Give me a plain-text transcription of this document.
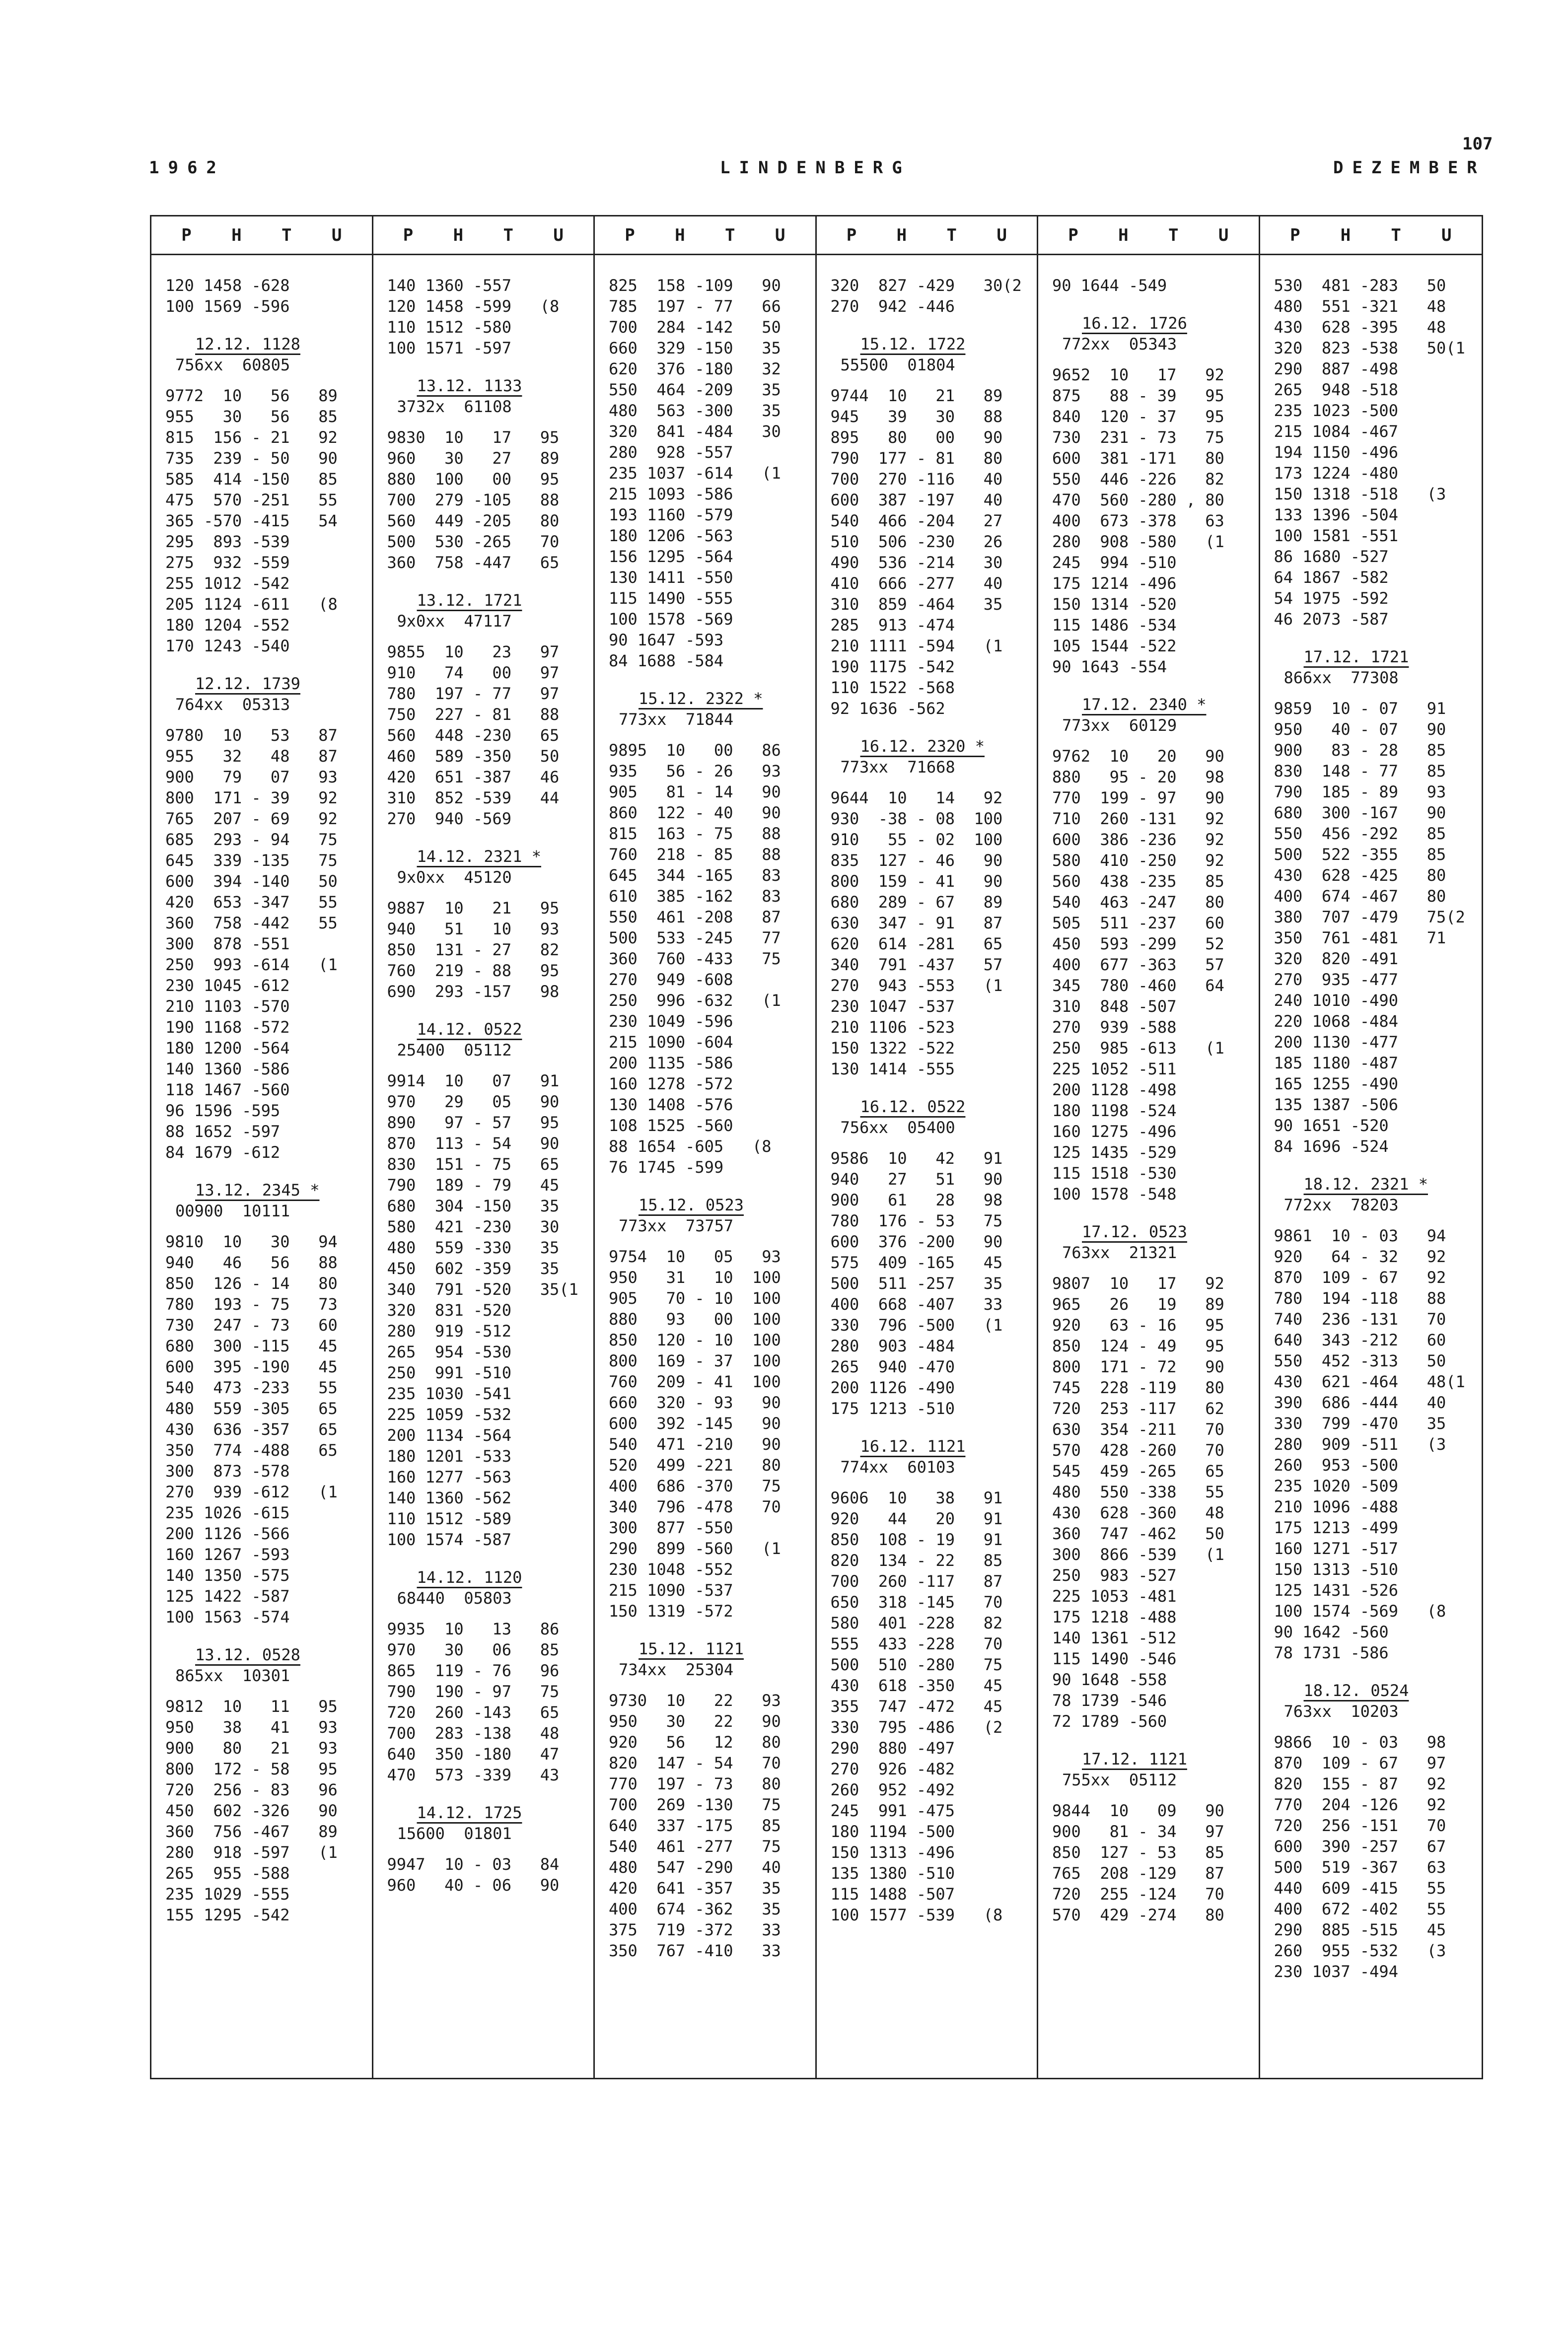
1962	LINDENBERG	DEZEMBER
107
P H T U
120 1458 -628
100 1569 -596
12.12. 1128
756xx  60805
9772  10   56   89
955   30   56   85
815  156 - 21   92
735  239 - 50   90
585  414 -150   85
475  570 -251   55
365 -570 -415   54
295  893 -539
275  932 -559
255 1012 -542
205 1124 -611   (8
180 1204 -552
170 1243 -540
12.12. 1739
764xx  05313
9780  10   53   87
955   32   48   87
900   79   07   93
800  171 - 39   92
765  207 - 69   92
685  293 - 94   75
645  339 -135   75
600  394 -140   50
420  653 -347   55
360  758 -442   55
300  878 -551
250  993 -614   (1
230 1045 -612
210 1103 -570
190 1168 -572
180 1200 -564
140 1360 -586
118 1467 -560
96 1596 -595
88 1652 -597
84 1679 -612
13.12. 2345 *
00900  10111
9810  10   30   94
940   46   56   88
850  126 - 14   80
780  193 - 75   73
730  247 - 73   60
680  300 -115   45
600  395 -190   45
540  473 -233   55
480  559 -305   65
430  636 -357   65
350  774 -488   65
300  873 -578
270  939 -612   (1
235 1026 -615
200 1126 -566
160 1267 -593
140 1350 -575
125 1422 -587
100 1563 -574
13.12. 0528
865xx  10301
9812  10   11   95
950   38   41   93
900   80   21   93
800  172 - 58   95
720  256 - 83   96
450  602 -326   90
360  756 -467   89
280  918 -597   (1
265  955 -588
235 1029 -555
155 1295 -542
P H T U
140 1360 -557
120 1458 -599   (8
110 1512 -580
100 1571 -597
13.12. 1133
3732x  61108
9830  10   17   95
960   30   27   89
880  100   00   95
700  279 -105   88
560  449 -205   80
500  530 -265   70
360  758 -447   65
13.12. 1721
9x0xx  47117
9855  10   23   97
910   74   00   97
780  197 - 77   97
750  227 - 81   88
560  448 -230   65
460  589 -350   50
420  651 -387   46
310  852 -539   44
270  940 -569
14.12. 2321 *
9x0xx  45120
9887  10   21   95
940   51   10   93
850  131 - 27   82
760  219 - 88   95
690  293 -157   98
14.12. 0522
25400  05112
9914  10   07   91
970   29   05   90
890   97 - 57   95
870  113 - 54   90
830  151 - 75   65
790  189 - 79   45
680  304 -150   35
580  421 -230   30
480  559 -330   35
450  602 -359   35
340  791 -520   35(1
320  831 -520
280  919 -512
265  954 -530
250  991 -510
235 1030 -541
225 1059 -532
200 1134 -564
180 1201 -533
160 1277 -563
140 1360 -562
110 1512 -589
100 1574 -587
14.12. 1120
68440  05803
9935  10   13   86
970   30   06   85
865  119 - 76   96
790  190 - 97   75
720  260 -143   65
700  283 -138   48
640  350 -180   47
470  573 -339   43
14.12. 1725
15600  01801
9947  10 - 03   84
960   40 - 06   90
P H T U
825  158 -109   90
785  197 - 77   66
700  284 -142   50
660  329 -150   35
620  376 -180   32
550  464 -209   35
480  563 -300   35
320  841 -484   30
280  928 -557
235 1037 -614   (1
215 1093 -586
193 1160 -579
180 1206 -563
156 1295 -564
130 1411 -550
115 1490 -555
100 1578 -569
90 1647 -593
84 1688 -584
15.12. 2322 *
773xx  71844
9895  10   00   86
935   56 - 26   93
905   81 - 14   90
860  122 - 40   90
815  163 - 75   88
760  218 - 85   88
645  344 -165   83
610  385 -162   83
550  461 -208   87
500  533 -245   77
360  760 -433   75
270  949 -608
250  996 -632   (1
230 1049 -596
215 1090 -604
200 1135 -586
160 1278 -572
130 1408 -576
108 1525 -560
88 1654 -605   (8
76 1745 -599
15.12. 0523
773xx  73757
9754  10   05   93
950   31   10  100
905   70 - 10  100
880   93   00  100
850  120 - 10  100
800  169 - 37  100
760  209 - 41  100
660  320 - 93   90
600  392 -145   90
540  471 -210   90
520  499 -221   80
400  686 -370   75
340  796 -478   70
300  877 -550
290  899 -560   (1
230 1048 -552
215 1090 -537
150 1319 -572
15.12. 1121
734xx  25304
9730  10   22   93
950   30   22   90
920   56   12   80
820  147 - 54   70
770  197 - 73   80
700  269 -130   75
640  337 -175   85
540  461 -277   75
480  547 -290   40
420  641 -357   35
400  674 -362   35
375  719 -372   33
350  767 -410   33
P H T U
320  827 -429   30(2
270  942 -446
15.12. 1722
55500  01804
9744  10   21   89
945   39   30   88
895   80   00   90
790  177 - 81   80
700  270 -116   40
600  387 -197   40
540  466 -204   27
510  506 -230   26
490  536 -214   30
410  666 -277   40
310  859 -464   35
285  913 -474
210 1111 -594   (1
190 1175 -542
110 1522 -568
92 1636 -562
16.12. 2320 *
773xx  71668
9644  10   14   92
930  -38 - 08  100
910   55 - 02  100
835  127 - 46   90
800  159 - 41   90
680  289 - 67   89
630  347 - 91   87
620  614 -281   65
340  791 -437   57
270  943 -553   (1
230 1047 -537
210 1106 -523
150 1322 -522
130 1414 -555
16.12. 0522
756xx  05400
9586  10   42   91
940   27   51   90
900   61   28   98
780  176 - 53   75
600  376 -200   90
575  409 -165   45
500  511 -257   35
400  668 -407   33
330  796 -500   (1
280  903 -484
265  940 -470
200 1126 -490
175 1213 -510
16.12. 1121
774xx  60103
9606  10   38   91
920   44   20   91
850  108 - 19   91
820  134 - 22   85
700  260 -117   87
650  318 -145   70
580  401 -228   82
555  433 -228   70
500  510 -280   75
430  618 -350   45
355  747 -472   45
330  795 -486   (2
290  880 -497
270  926 -482
260  952 -492
245  991 -475
180 1194 -500
150 1313 -496
135 1380 -510
115 1488 -507
100 1577 -539   (8
P H T U
90 1644 -549
16.12. 1726
772xx  05343
9652  10   17   92
875   88 - 39   95
840  120 - 37   95
730  231 - 73   75
600  381 -171   80
550  446 -226   82
470  560 -280 , 80
400  673 -378   63
280  908 -580   (1
245  994 -510
175 1214 -496
150 1314 -520
115 1486 -534
105 1544 -522
90 1643 -554
17.12. 2340 *
773xx  60129
9762  10   20   90
880   95 - 20   98
770  199 - 97   90
710  260 -131   92
600  386 -236   92
580  410 -250   92
560  438 -235   85
540  463 -247   80
505  511 -237   60
450  593 -299   52
400  677 -363   57
345  780 -460   64
310  848 -507
270  939 -588
250  985 -613   (1
225 1052 -511
200 1128 -498
180 1198 -524
160 1275 -496
125 1435 -529
115 1518 -530
100 1578 -548
17.12. 0523
763xx  21321
9807  10   17   92
965   26   19   89
920   63 - 16   95
850  124 - 49   95
800  171 - 72   90
745  228 -119   80
720  253 -117   62
630  354 -211   70
570  428 -260   70
545  459 -265   65
480  550 -338   55
430  628 -360   48
360  747 -462   50
300  866 -539   (1
250  983 -527
225 1053 -481
175 1218 -488
140 1361 -512
115 1490 -546
90 1648 -558
78 1739 -546
72 1789 -560
17.12. 1121
755xx  05112
9844  10   09   90
900   81 - 34   97
850  127 - 53   85
765  208 -129   87
720  255 -124   70
570  429 -274   80
P H T U
530  481 -283   50
480  551 -321   48
430  628 -395   48
320  823 -538   50(1
290  887 -498
265  948 -518
235 1023 -500
215 1084 -467
194 1150 -496
173 1224 -480
150 1318 -518   (3
133 1396 -504
100 1581 -551
86 1680 -527
64 1867 -582
54 1975 -592
46 2073 -587
17.12. 1721
866xx  77308
9859  10 - 07   91
950   40 - 07   90
900   83 - 28   85
830  148 - 77   85
790  185 - 89   93
680  300 -167   90
550  456 -292   85
500  522 -355   85
430  628 -425   80
400  674 -467   80
380  707 -479   75(2
350  761 -481   71
320  820 -491
270  935 -477
240 1010 -490
220 1068 -484
200 1130 -477
185 1180 -487
165 1255 -490
135 1387 -506
90 1651 -520
84 1696 -524
18.12. 2321 *
772xx  78203
9861  10 - 03   94
920   64 - 32   92
870  109 - 67   92
780  194 -118   88
740  236 -131   70
640  343 -212   60
550  452 -313   50
430  621 -464   48(1
390  686 -444   40
330  799 -470   35
280  909 -511   (3
260  953 -500
235 1020 -509
210 1096 -488
175 1213 -499
160 1271 -517
150 1313 -510
125 1431 -526
100 1574 -569   (8
90 1642 -560
78 1731 -586
18.12. 0524
763xx  10203
9866  10 - 03   98
870  109 - 67   97
820  155 - 87   92
770  204 -126   92
720  256 -151   70
600  390 -257   67
500  519 -367   63
440  609 -415   55
400  672 -402   55
290  885 -515   45
260  955 -532   (3
230 1037 -494
